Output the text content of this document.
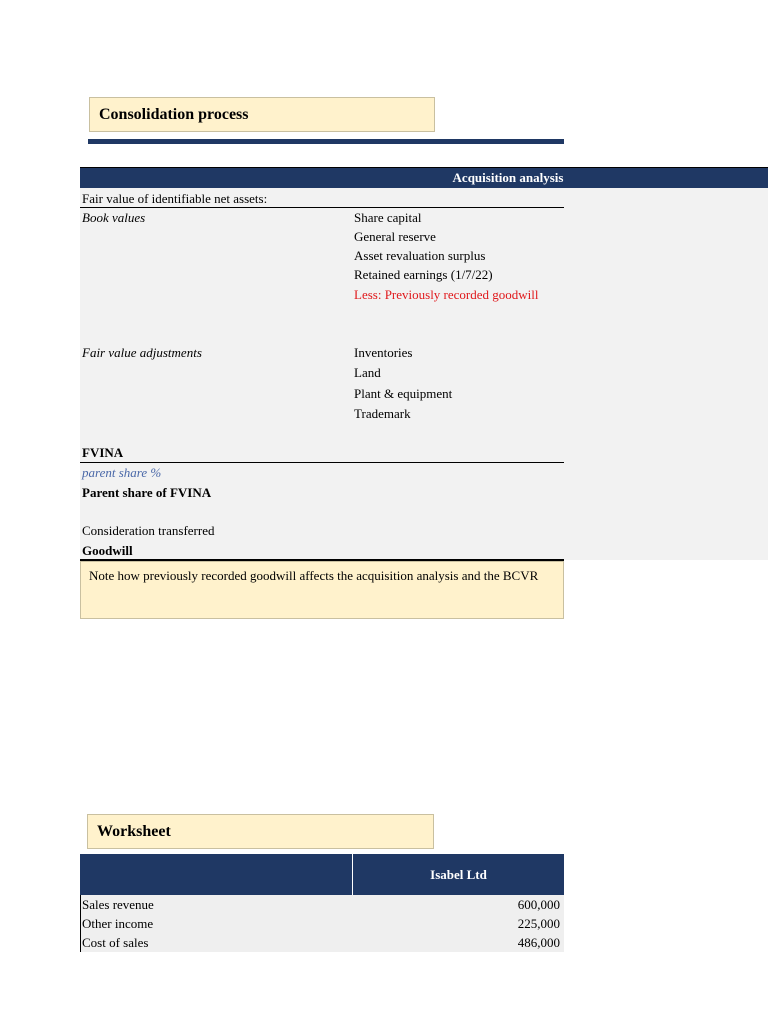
Consolidation process
Acquisition analysis
Fair value of identifiable net assets:
Book values	Share capital
General reserve
Asset revaluation surplus
Retained earnings (1/7/22)
Less: Previously recorded goodwill
Fair value adjustments	Inventories
Land
Plant & equipment
Trademark
FVINA
parent share %
Parent share of FVINA
Consideration transferred
Goodwill
Note how previously recorded goodwill affects the acquisition analysis and the BCVR
Worksheet
Isabel Ltd
Sales revenue	600,000
Other income	225,000
Cost of sales	486,000
